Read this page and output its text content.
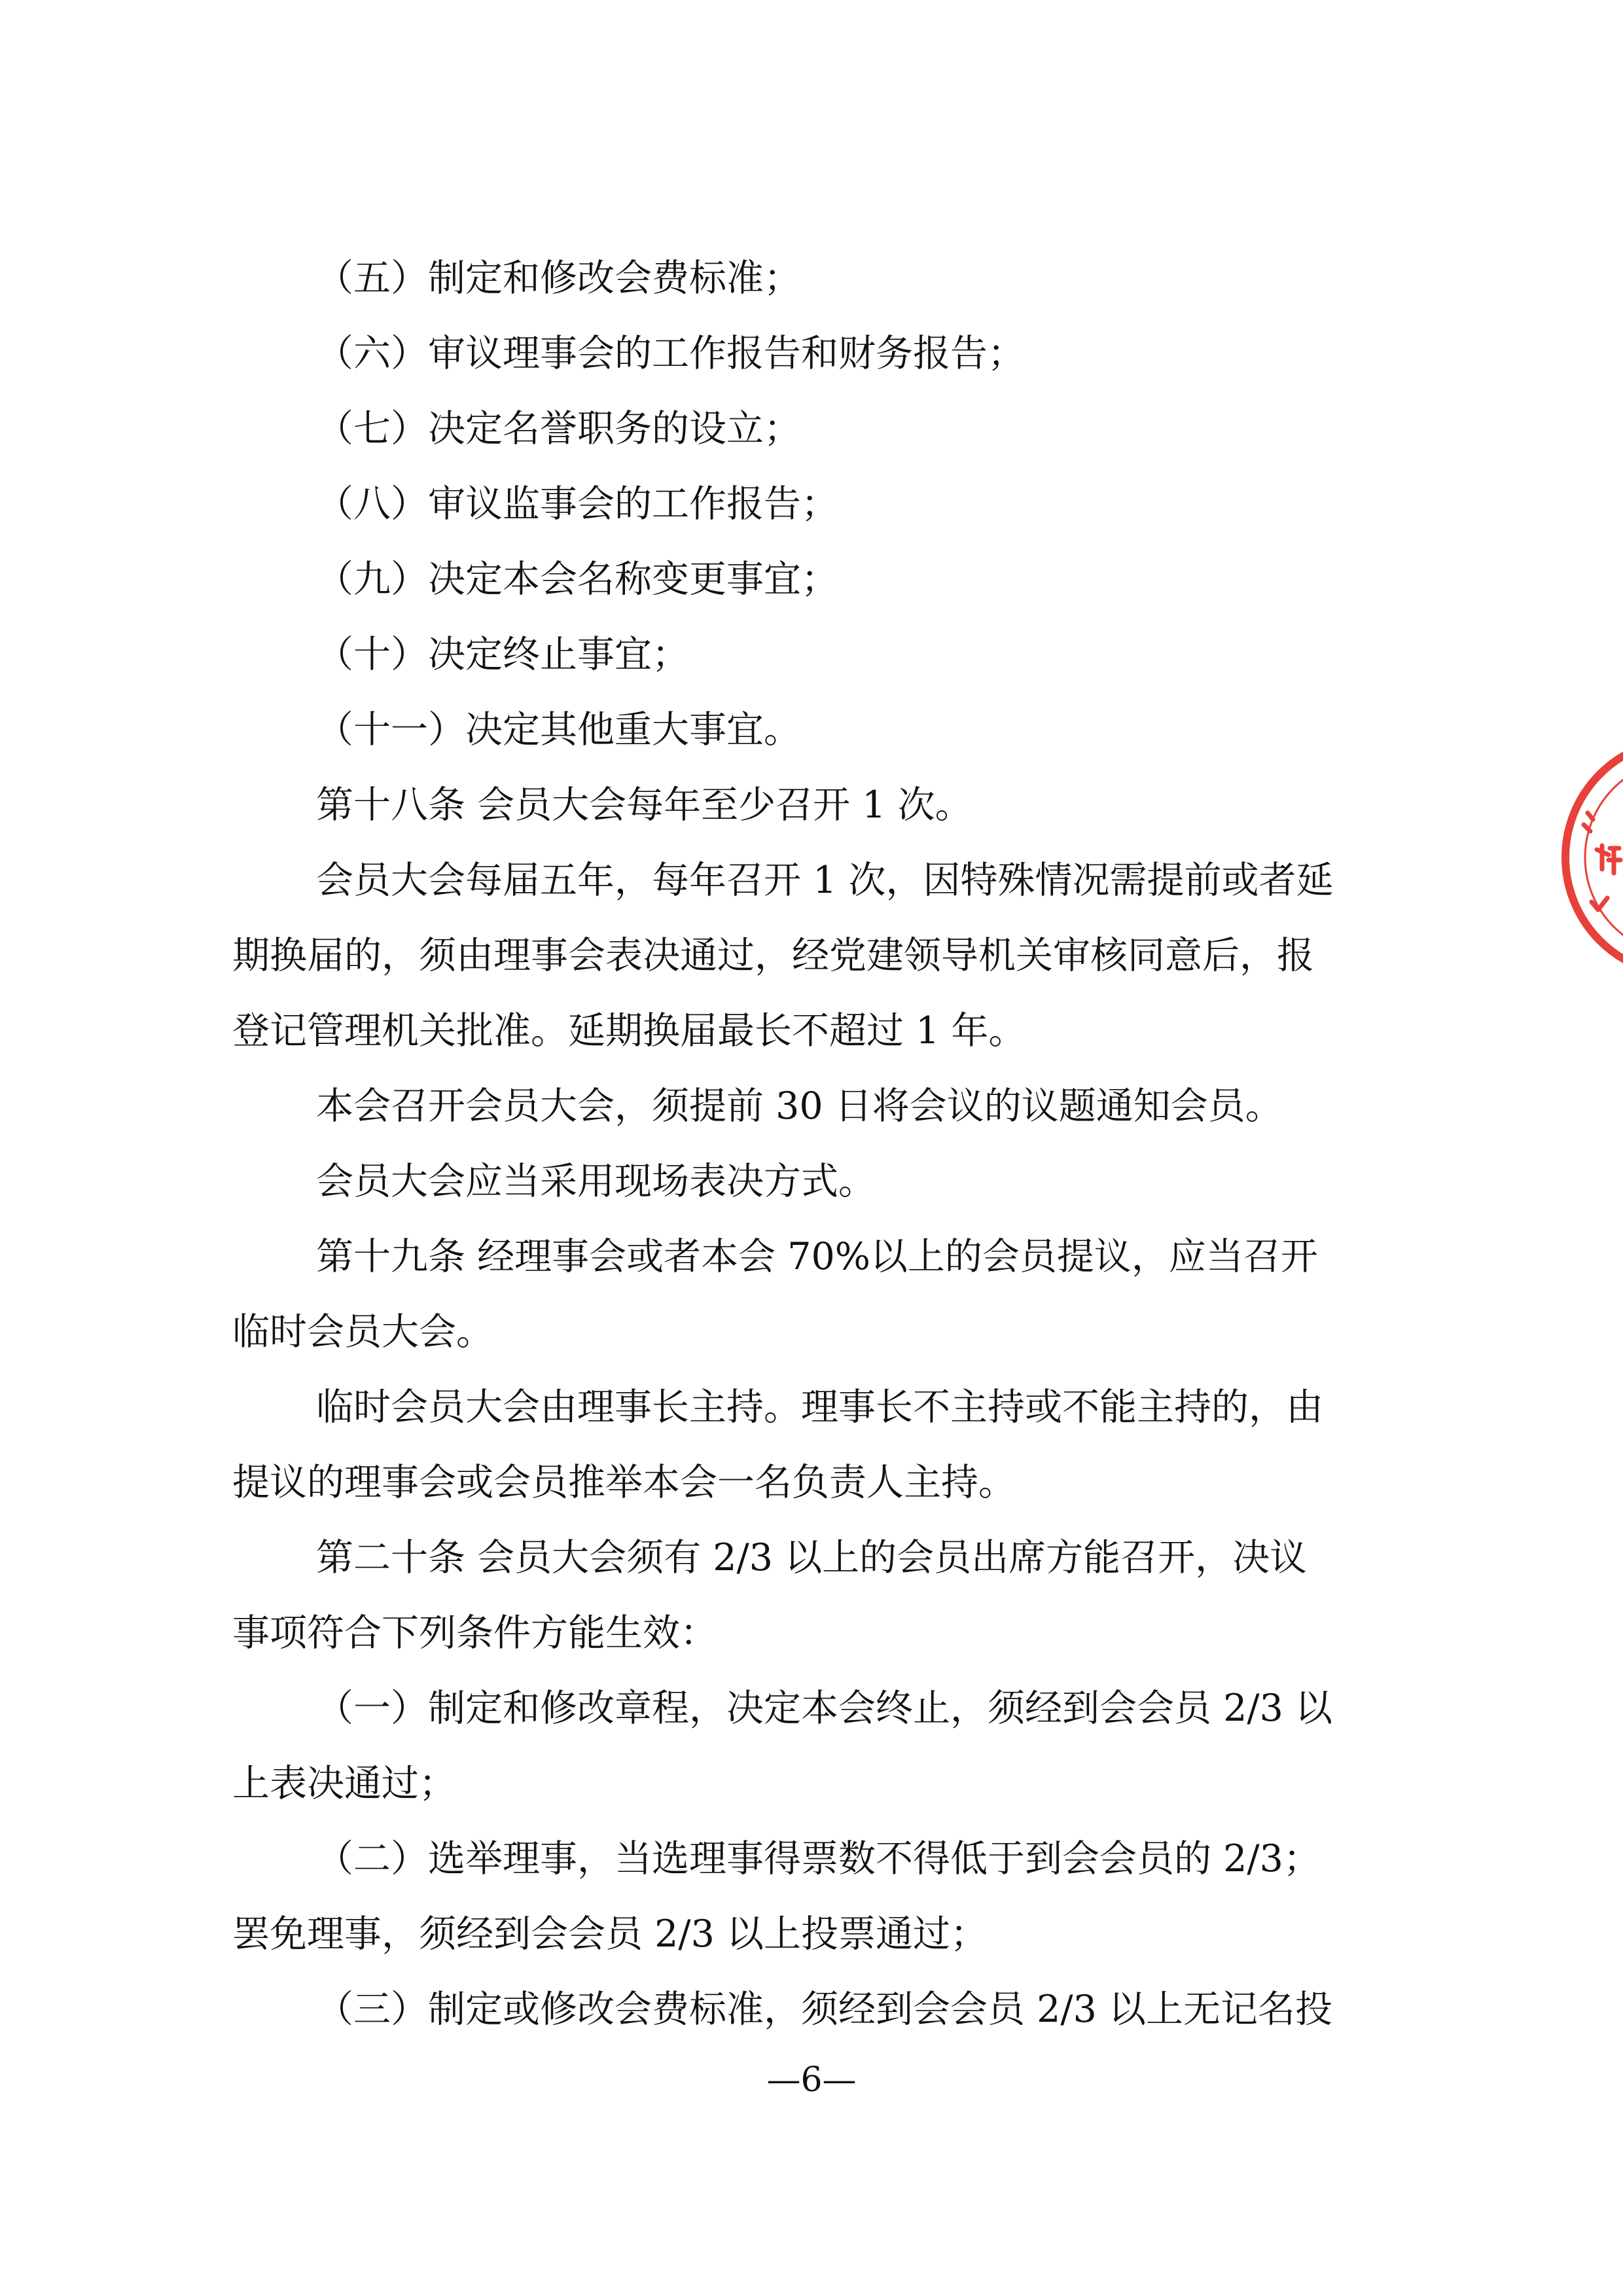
（五）制定和修改会费标准；
（六）审议理事会的工作报告和财务报告；
（七）决定名誉职务的设立；
（八）审议监事会的工作报告；
（九）决定本会名称变更事宜；
（十）决定终止事宜；
（十一）决定其他重大事宜。
第十八条 会员大会每年至少召开 1 次。
会员大会每届五年，每年召开 1 次，因特殊情况需提前或者延
期换届的，须由理事会表决通过，经党建领导机关审核同意后，报
登记管理机关批准。延期换届最长不超过 1 年。
本会召开会员大会，须提前 30 日将会议的议题通知会员。
会员大会应当采用现场表决方式。
第十九条 经理事会或者本会 70%以上的会员提议，应当召开
临时会员大会。
临时会员大会由理事长主持。理事长不主持或不能主持的，由
提议的理事会或会员推举本会一名负责人主持。
第二十条 会员大会须有 2/3 以上的会员出席方能召开，决议
事项符合下列条件方能生效：
（一）制定和修改章程，决定本会终止，须经到会会员 2/3 以
上表决通过；
（二）选举理事，当选理事得票数不得低于到会会员的 2/3；
罢免理事，须经到会会员 2/3 以上投票通过；
（三）制定或修改会费标准，须经到会会员 2/3 以上无记名投
—6—
